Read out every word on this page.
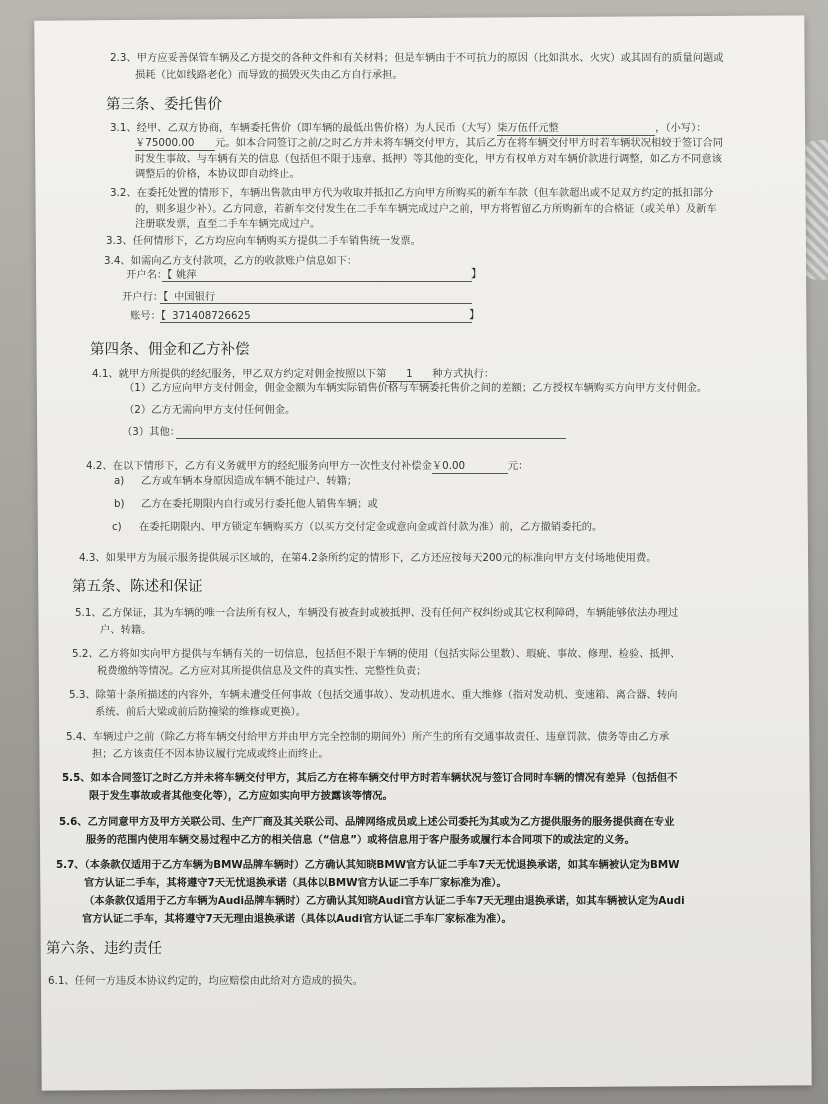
2.3、甲方应妥善保管车辆及乙方提交的各种文件和有关材料；但是车辆由于不可抗力的原因（比如洪水、火灾）或其固有的质量问题或
损耗（比如线路老化）而导致的损毁灭失由乙方自行承担。
第三条、委托售价
3.1、经甲、乙双方协商，车辆委托售价（即车辆的最低出售价格）为人民币（大写）柒万伍仟元整	，（小写）：
￥75000.00 元。如本合同签订之前/之时乙方并未将车辆交付甲方，其后乙方在将车辆交付甲方时若车辆状况相较于签订合同
时发生事故、与车辆有关的信息（包括但不限于违章、抵押）等其他的变化，甲方有权单方对车辆价款进行调整，如乙方不同意该
调整后的价格，本协议即自动终止。
3.2、在委托处置的情形下，车辆出售款由甲方代为收取并抵扣乙方向甲方所购买的新车车款（但车款超出或不足双方约定的抵扣部分
的，则多退少补）。乙方同意，若新车交付发生在二手车车辆完成过户之前，甲方将暂留乙方所购新车的合格证（或关单）及新车
注册联发票，直至二手车车辆完成过户。
3.3、任何情形下，乙方均应向车辆购买方提供二手车销售统一发票。
3.4、如需向乙方支付款项，乙方的收款账户信息如下：
开户名：【 姚萍	】
开户行：【 中国银行
账号：【 371408726625	】
第四条、佣金和乙方补偿
4.1、就甲方所提供的经纪服务，甲乙双方约定对佣金按照以下第 1 种方式执行：
（1）乙方应向甲方支付佣金，佣金金额为车辆实际销售价格与车辆委托售价之间的差额；乙方授权车辆购买方向甲方支付佣金。
（2）乙方无需向甲方支付任何佣金。
（3）其他：
4.2、在以下情形下，乙方有义务就甲方的经纪服务向甲方一次性支付补偿金￥0.00	元：
a) 乙方或车辆本身原因造成车辆不能过户、转籍；
b) 乙方在委托期限内自行或另行委托他人销售车辆；或
c) 在委托期限内、甲方锁定车辆购买方（以买方交付定金或意向金或首付款为准）前，乙方撤销委托的。
4.3、如果甲方为展示服务提供展示区域的，在第4.2条所约定的情形下，乙方还应按每天200元的标准向甲方支付场地使用费。
第五条、陈述和保证
5.1、乙方保证，其为车辆的唯一合法所有权人，车辆没有被查封或被抵押、没有任何产权纠纷或其它权利障碍，车辆能够依法办理过
户、转籍。
5.2、乙方将如实向甲方提供与车辆有关的一切信息，包括但不限于车辆的使用（包括实际公里数）、瑕疵、事故、修理、检验、抵押、
税费缴纳等情况。乙方应对其所提供信息及文件的真实性、完整性负责；
5.3、除第十条所描述的内容外，车辆未遭受任何事故（包括交通事故）、发动机进水、重大维修（指对发动机、变速箱、离合器、转向
系统、前后大梁或前后防撞梁的维修或更换）。
5.4、车辆过户之前（除乙方将车辆交付给甲方并由甲方完全控制的期间外）所产生的所有交通事故责任、违章罚款、债务等由乙方承
担；乙方该责任不因本协议履行完成或终止而终止。
5.5、如本合同签订之时乙方并未将车辆交付甲方，其后乙方在将车辆交付甲方时若车辆状况与签订合同时车辆的情况有差异（包括但不
限于发生事故或者其他变化等），乙方应如实向甲方披露该等情况。
5.6、乙方同意甲方及甲方关联公司、生产厂商及其关联公司、品牌网络成员或上述公司委托为其或为乙方提供服务的服务提供商在专业
服务的范围内使用车辆交易过程中乙方的相关信息（“信息”）或将信息用于客户服务或履行本合同项下的或法定的义务。
5.7、（本条款仅适用于乙方车辆为BMW品牌车辆时）乙方确认其知晓BMW官方认证二手车7天无忧退换承诺，如其车辆被认定为BMW
官方认证二手车，其将遵守7天无忧退换承诺（具体以BMW官方认证二手车厂家标准为准）。
（本条款仅适用于乙方车辆为Audi品牌车辆时）乙方确认其知晓Audi官方认证二手车7天无理由退换承诺，如其车辆被认定为Audi
官方认证二手车，其将遵守7天无理由退换承诺（具体以Audi官方认证二手车厂家标准为准）。
第六条、违约责任
6.1、任何一方违反本协议约定的，均应赔偿由此给对方造成的损失。
